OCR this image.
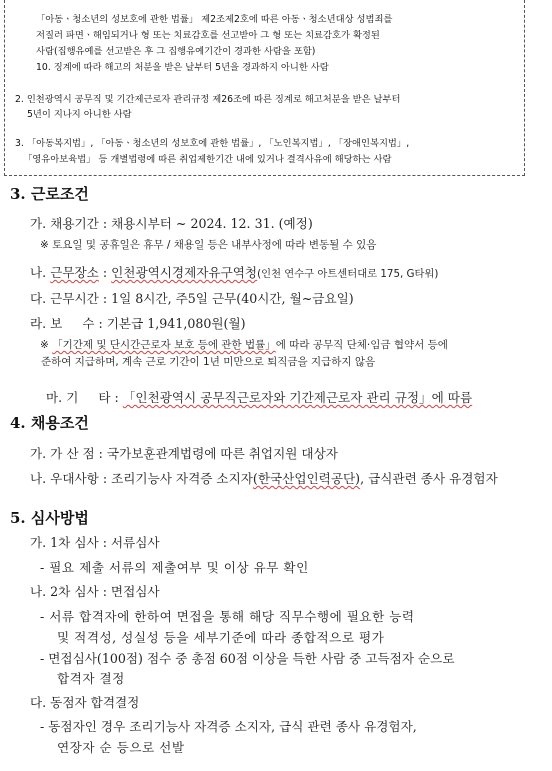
「아동ㆍ청소년의 성보호에 관한 법률」 제2조제2호에 따른 아동ㆍ청소년대상 성범죄를
저질러 파면ㆍ해임되거나 형 또는 치료감호를 선고받아 그 형 또는 치료감호가 확정된
사람(집행유예를 선고받은 후 그 집행유예기간이 경과한 사람을 포함)
10. 징계에 따라 해고의 처분을 받은 날부터 5년을 경과하지 아니한 사람
2. 인천광역시 공무직 및 기간제근로자 관리규정 제26조에 따른 징계로 해고처분을 받은 날부터
5년이 지나지 아니한 사람
3. 「아동복지법」, 「아동ㆍ청소년의 성보호에 관한 법률」, 「노인복지법」, 「장애인복지법」,
「영유아보육법」 등 개별법령에 따른 취업제한기간 내에 있거나 결격사유에 해당하는 사람
3. 근로조건
가. 채용기간 : 채용시부터 ~ 2024. 12. 31. (예정)
※ 토요일 및 공휴일은 휴무 / 채용일 등은 내부사정에 따라 변동될 수 있음
나. 근무장소 : 인천광역시경제자유구역청(인천 연수구 아트센터대로 175, G타워)
다. 근무시간 : 1일 8시간, 주5일 근무(40시간, 월~금요일)
라. 보     수 : 기본급 1,941,080원(월)
※ 「기간제 및 단시간근로자 보호 등에 관한 법률」에 따라 공무직 단체·임금 협약서 등에
준하여 지급하며, 계속 근로 기간이 1년 미만으로 퇴직금을 지급하지 않음

마. 기     타 : 「인천광역시 공무직근로자와 기간제근로자 관리 규정」에 따름

4. 채용조건
가. 가 산 점 : 국가보훈관계법령에 따른 취업지원 대상자
나. 우대사항 : 조리기능사 자격증 소지자(한국산업인력공단), 급식관련 종사 유경험자
5. 심사방법
가. 1차 심사 : 서류심사
- 필요 제출 서류의 제출여부 및 이상 유무 확인
나. 2차 심사 : 면접심사
- 서류 합격자에 한하여 면접을 통해 해당 직무수행에 필요한 능력
및 적격성, 성실성 등을 세부기준에 따라 종합적으로 평가
- 면접심사(100점) 점수 중 총점 60점 이상을 득한 사람 중 고득점자 순으로
합격자 결정
다. 동점자 합격결정
- 동점자인 경우 조리기능사 자격증 소지자, 급식 관련 종사 유경험자,
연장자 순 등으로 선발
